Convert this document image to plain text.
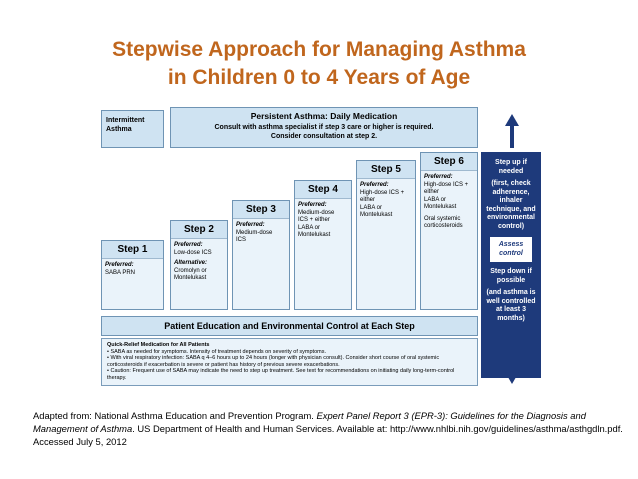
Stepwise Approach for Managing Asthma
in Children 0 to 4 Years of Age
Intermittent
Asthma
Persistent Asthma: Daily Medication
Consult with asthma specialist if step 3 care or higher is required.
Consider consultation at step 2.
Step 1
Preferred:
SABA PRN
Step 2
Preferred:
Low-dose ICS
Alternative:
Cromolyn or
Montelukast
Step 3
Preferred:
Medium-dose
ICS
Step 4
Preferred:
Medium-dose
ICS + either
LABA or
Montelukast
Step 5
Preferred:
High-dose ICS +
either
LABA or
Montelukast
Step 6
Preferred:
High-dose ICS +
either
LABA or
Montelukast
Oral systemic
corticosteroids
Step up if needed
(first, check adherence, inhaler technique, and environmental control)
Assess
control
Step down if possible
(and asthma is well controlled at least 3 months)
Patient Education and Environmental Control at Each Step
Quick-Relief Medication for All Patients
• SABA as needed for symptoms. Intensity of treatment depends on severity of symptoms.
• With viral respiratory infection: SABA q 4–6 hours up to 24 hours (longer with physician consult). Consider short course of oral systemic corticosteroids if exacerbation is severe or patient has history of previous severe exacerbations.
• Caution: Frequent use of SABA may indicate the need to step up treatment. See text for recommendations on initiating daily long-term-control therapy.
Adapted from: National Asthma Education and Prevention Program. Expert Panel Report 3 (EPR-3): Guidelines for the Diagnosis and Management of Asthma. US Department of Health and Human Services. Available at: http://www.nhlbi.nih.gov/guidelines/asthma/asthgdln.pdf.
Accessed July 5, 2012
